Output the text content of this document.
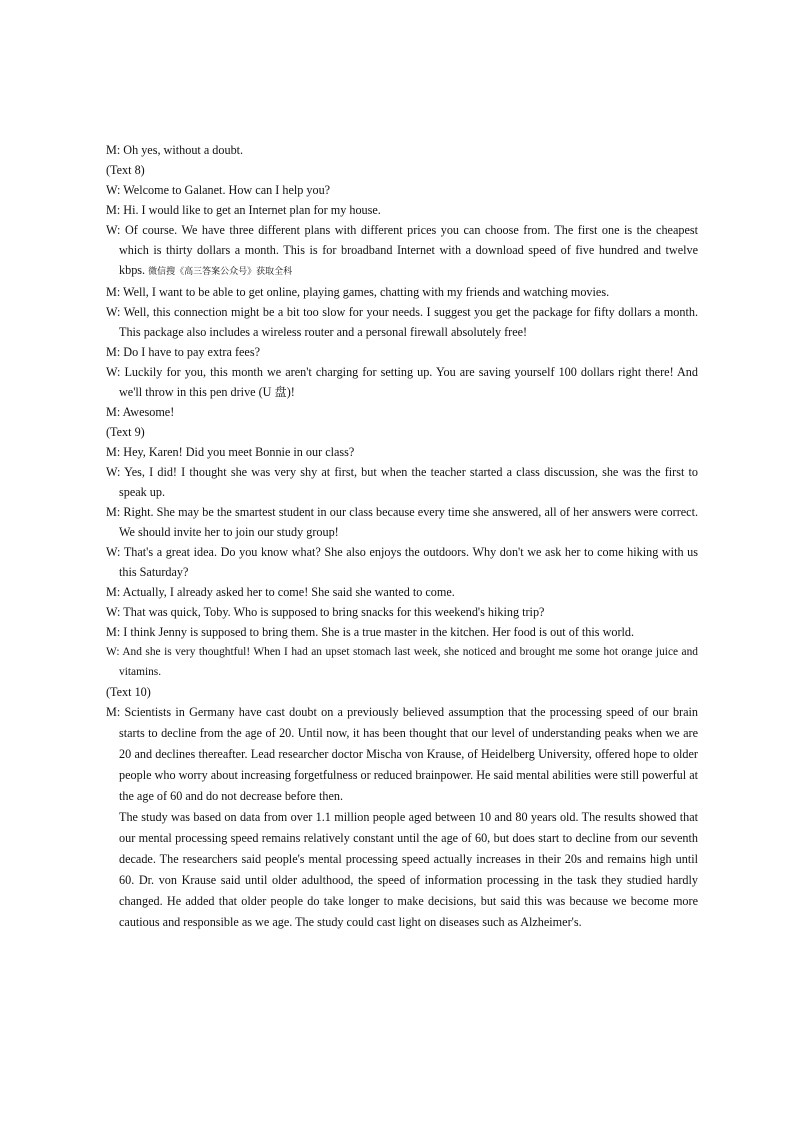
M: Oh yes, without a doubt.

(Text 8)

W: Welcome to Galanet. How can I help you?

M: Hi. I would like to get an Internet plan for my house.

W: Of course. We have three different plans with different prices you can choose from. The first one is the cheapest which is thirty dollars a month. This is for broadband Internet with a download speed of five hundred and twelve kbps. 微信搜《高三答案公众号》获取全科

M: Well, I want to be able to get online, playing games, chatting with my friends and watching movies.

W: Well, this connection might be a bit too slow for your needs. I suggest you get the package for fifty dollars a month. This package also includes a wireless router and a personal firewall absolutely free!

M: Do I have to pay extra fees?

W: Luckily for you, this month we aren't charging for setting up. You are saving yourself 100 dollars right there! And we'll throw in this pen drive (U 盘)!

M: Awesome!

(Text 9)

M: Hey, Karen! Did you meet Bonnie in our class?

W: Yes, I did! I thought she was very shy at first, but when the teacher started a class discussion, she was the first to speak up.

M: Right. She may be the smartest student in our class because every time she answered, all of her answers were correct. We should invite her to join our study group!

W: That's a great idea. Do you know what? She also enjoys the outdoors. Why don't we ask her to come hiking with us this Saturday?

M: Actually, I already asked her to come! She said she wanted to come.

W: That was quick, Toby. Who is supposed to bring snacks for this weekend's hiking trip?

M: I think Jenny is supposed to bring them. She is a true master in the kitchen. Her food is out of this world.

W: And she is very thoughtful! When I had an upset stomach last week, she noticed and brought me some hot orange juice and vitamins.

(Text 10)

M: Scientists in Germany have cast doubt on a previously believed assumption that the processing speed of our brain starts to decline from the age of 20. Until now, it has been thought that our level of understanding peaks when we are 20 and declines thereafter. Lead researcher doctor Mischa von Krause, of Heidelberg University, offered hope to older people who worry about increasing forgetfulness or reduced brainpower. He said mental abilities were still powerful at the age of 60 and do not decrease before then.

The study was based on data from over 1.1 million people aged between 10 and 80 years old. The results showed that our mental processing speed remains relatively constant until the age of 60, but does start to decline from our seventh decade. The researchers said people's mental processing speed actually increases in their 20s and remains high until 60. Dr. von Krause said until older adulthood, the speed of information processing in the task they studied hardly changed. He added that older people do take longer to make decisions, but said this was because we become more cautious and responsible as we age. The study could cast light on diseases such as Alzheimer's.
